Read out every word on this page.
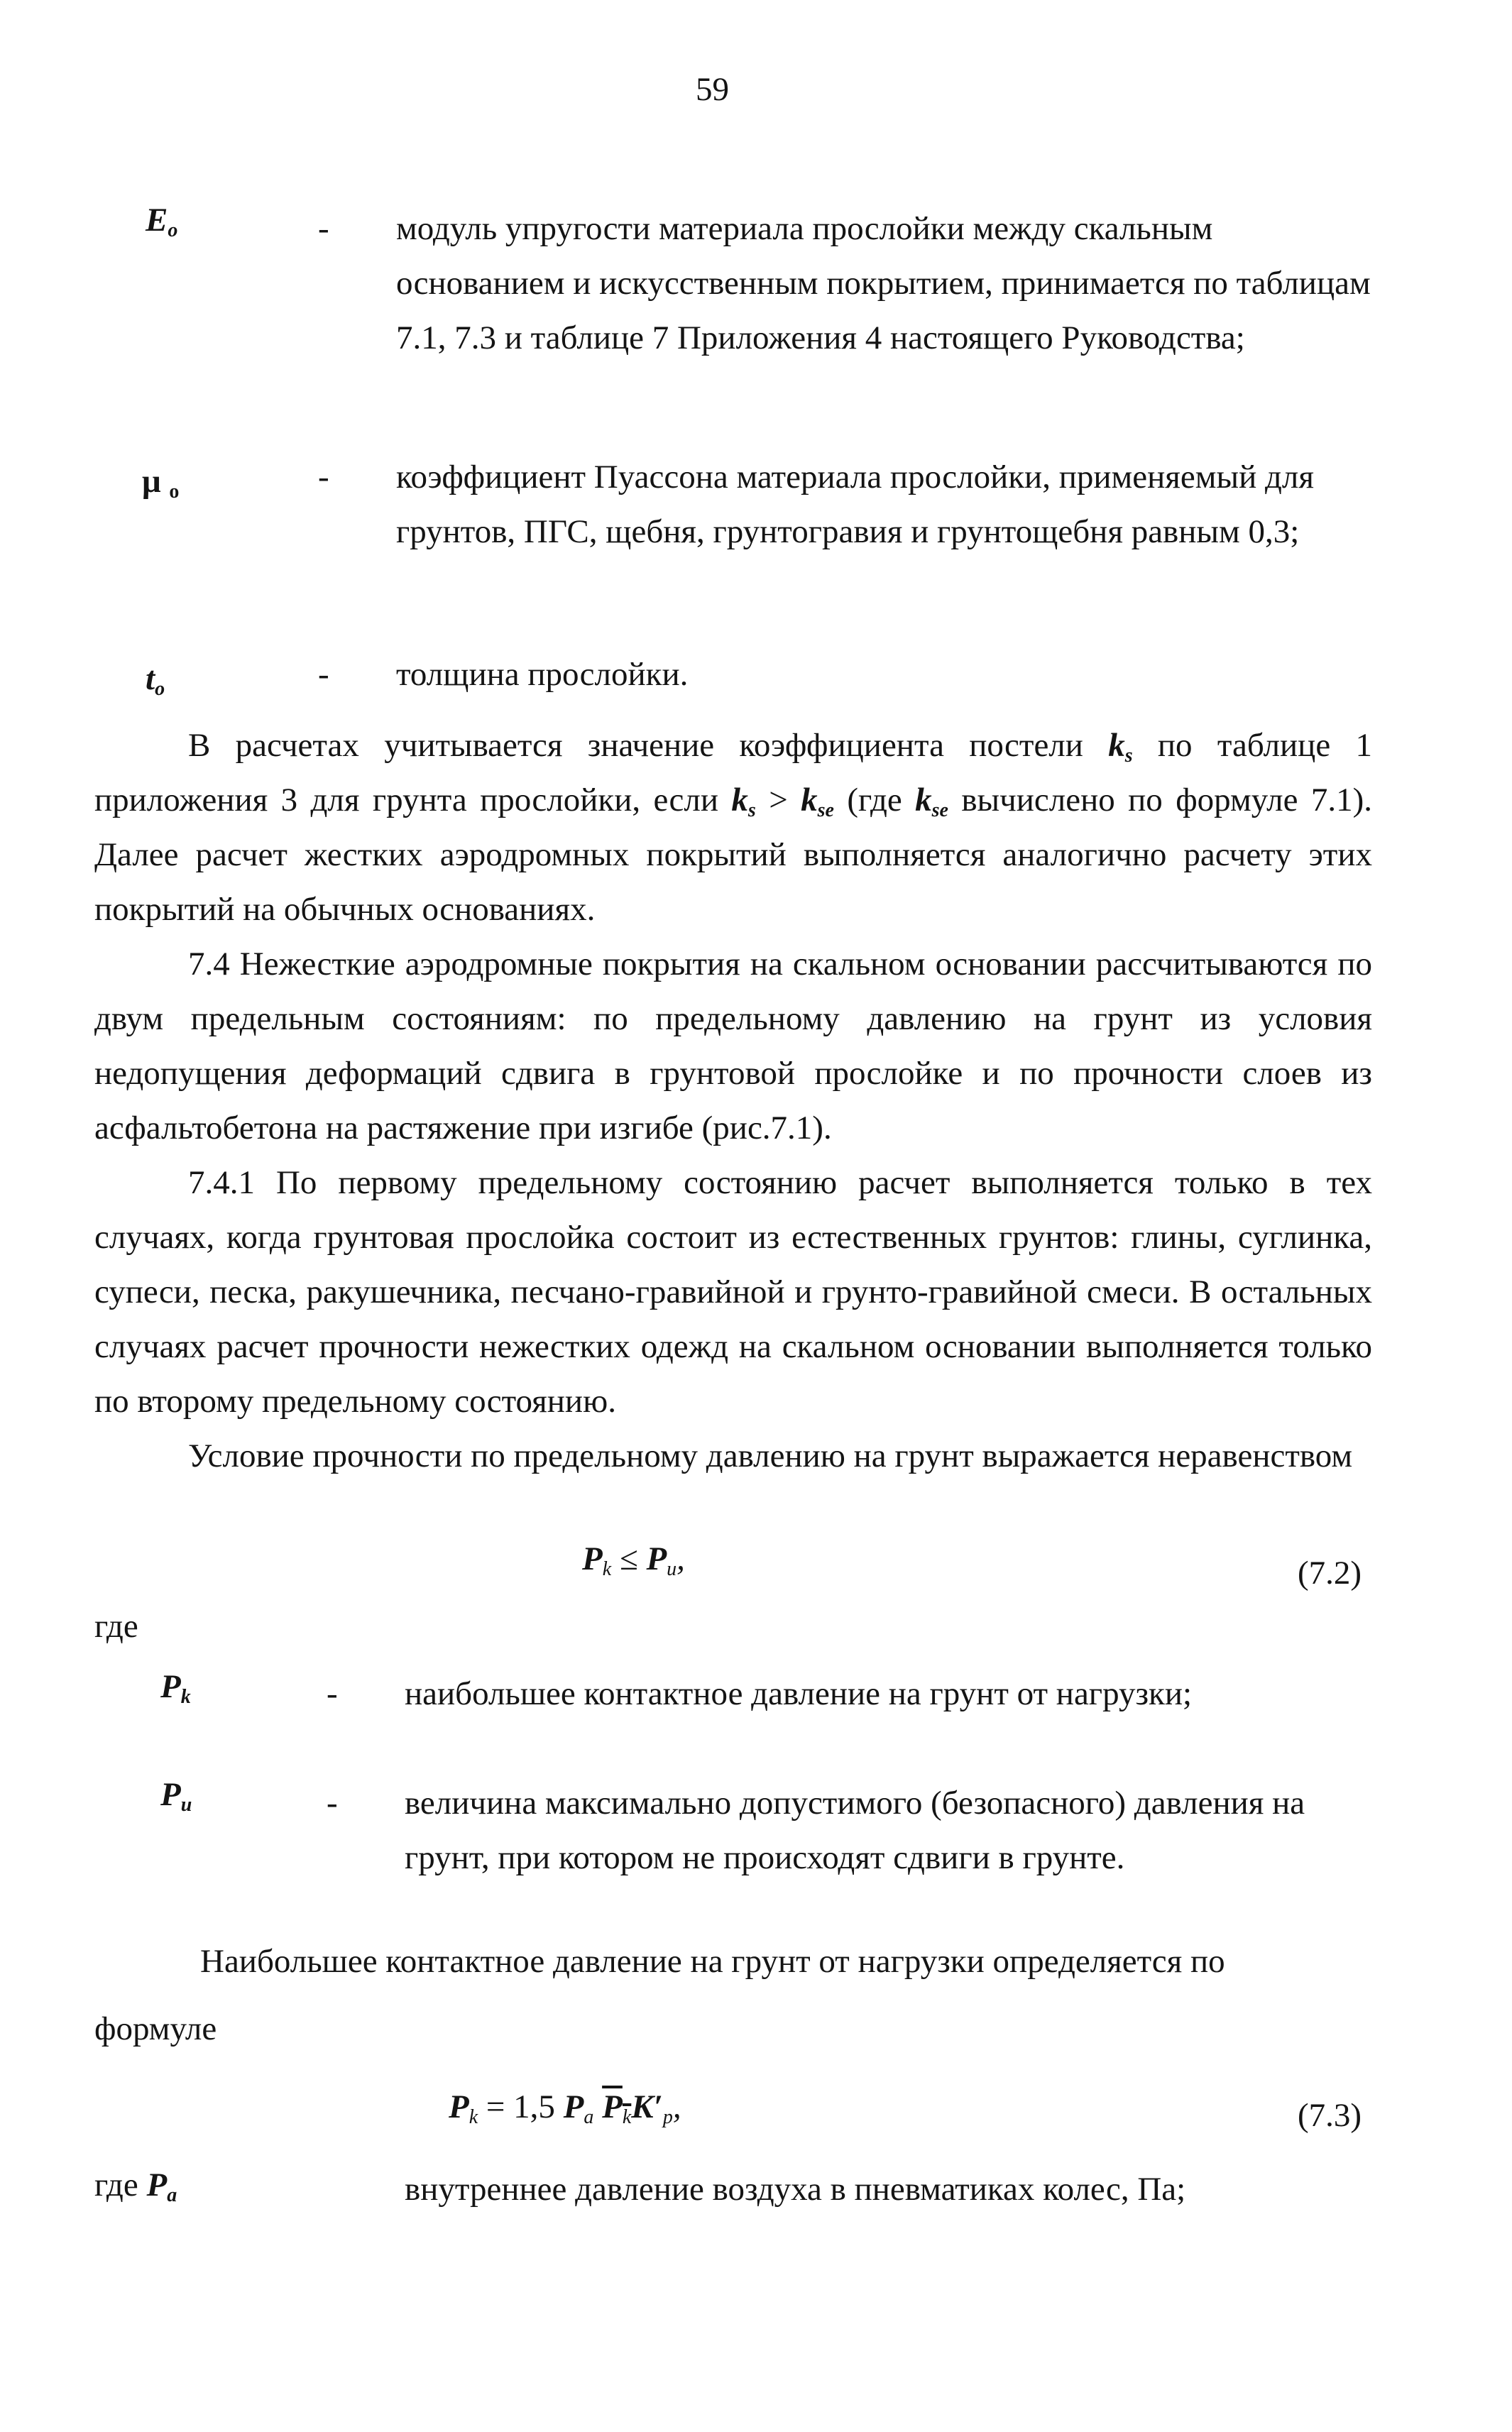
59
$E_o$	- модуль упругости материала прослойки между скальным основанием и искусственным покрытием, принимается по таблицам 7.1, 7.3 и таблице 7 Приложения 4 настоящего Руководства;
μ $_o$	- коэффициент Пуассона материала прослойки, применяемый для грунтов, ПГС, щебня, грунтогравия и грунтощебня равным 0,3;
$t_o$	- толщина прослойки.
В расчетах учитывается значение коэффициента постели $k_s$ по таблице 1 приложения 3 для грунта прослойки, если $k_s > k_{se}$ (где $k_{se}$ вычислено по формуле 7.1). Далее расчет жестких аэродромных покрытий выполняется аналогично расчету этих покрытий на обычных основаниях.
7.4 Нежесткие аэродромные покрытия на скальном основании рассчитываются по двум предельным состояниям: по предельному давлению на грунт из условия недопущения деформаций сдвига в грунтовой прослойке и по прочности слоев из асфальтобетона на растяжение при изгибе (рис.7.1).
7.4.1 По первому предельному состоянию расчет выполняется только в тех случаях, когда грунтовая прослойка состоит из естественных грунтов: глины, суглинка, супеси, песка, ракушечника, песчано-гравийной и грунто-гравийной смеси. В остальных случаях расчет прочности нежестких одежд на скальном основании выполняется только по второму предельному состоянию.
Условие прочности по предельному давлению на грунт выражается неравенством
$P_k \le P_u$,	(7.2)
где
$P_k$	- наибольшее контактное давление на грунт от нагрузки;
$P_u$	- величина максимально допустимого (безопасного) давления на грунт, при котором не происходят сдвиги в грунте.
Наибольшее контактное давление на грунт от нагрузки определяется по
формуле
$P_k = 1,5$ $P_a$ $P_kK'_p$,	(7.3)
где $P_a$	внутреннее давление воздуха в пневматиках колес, Па;
